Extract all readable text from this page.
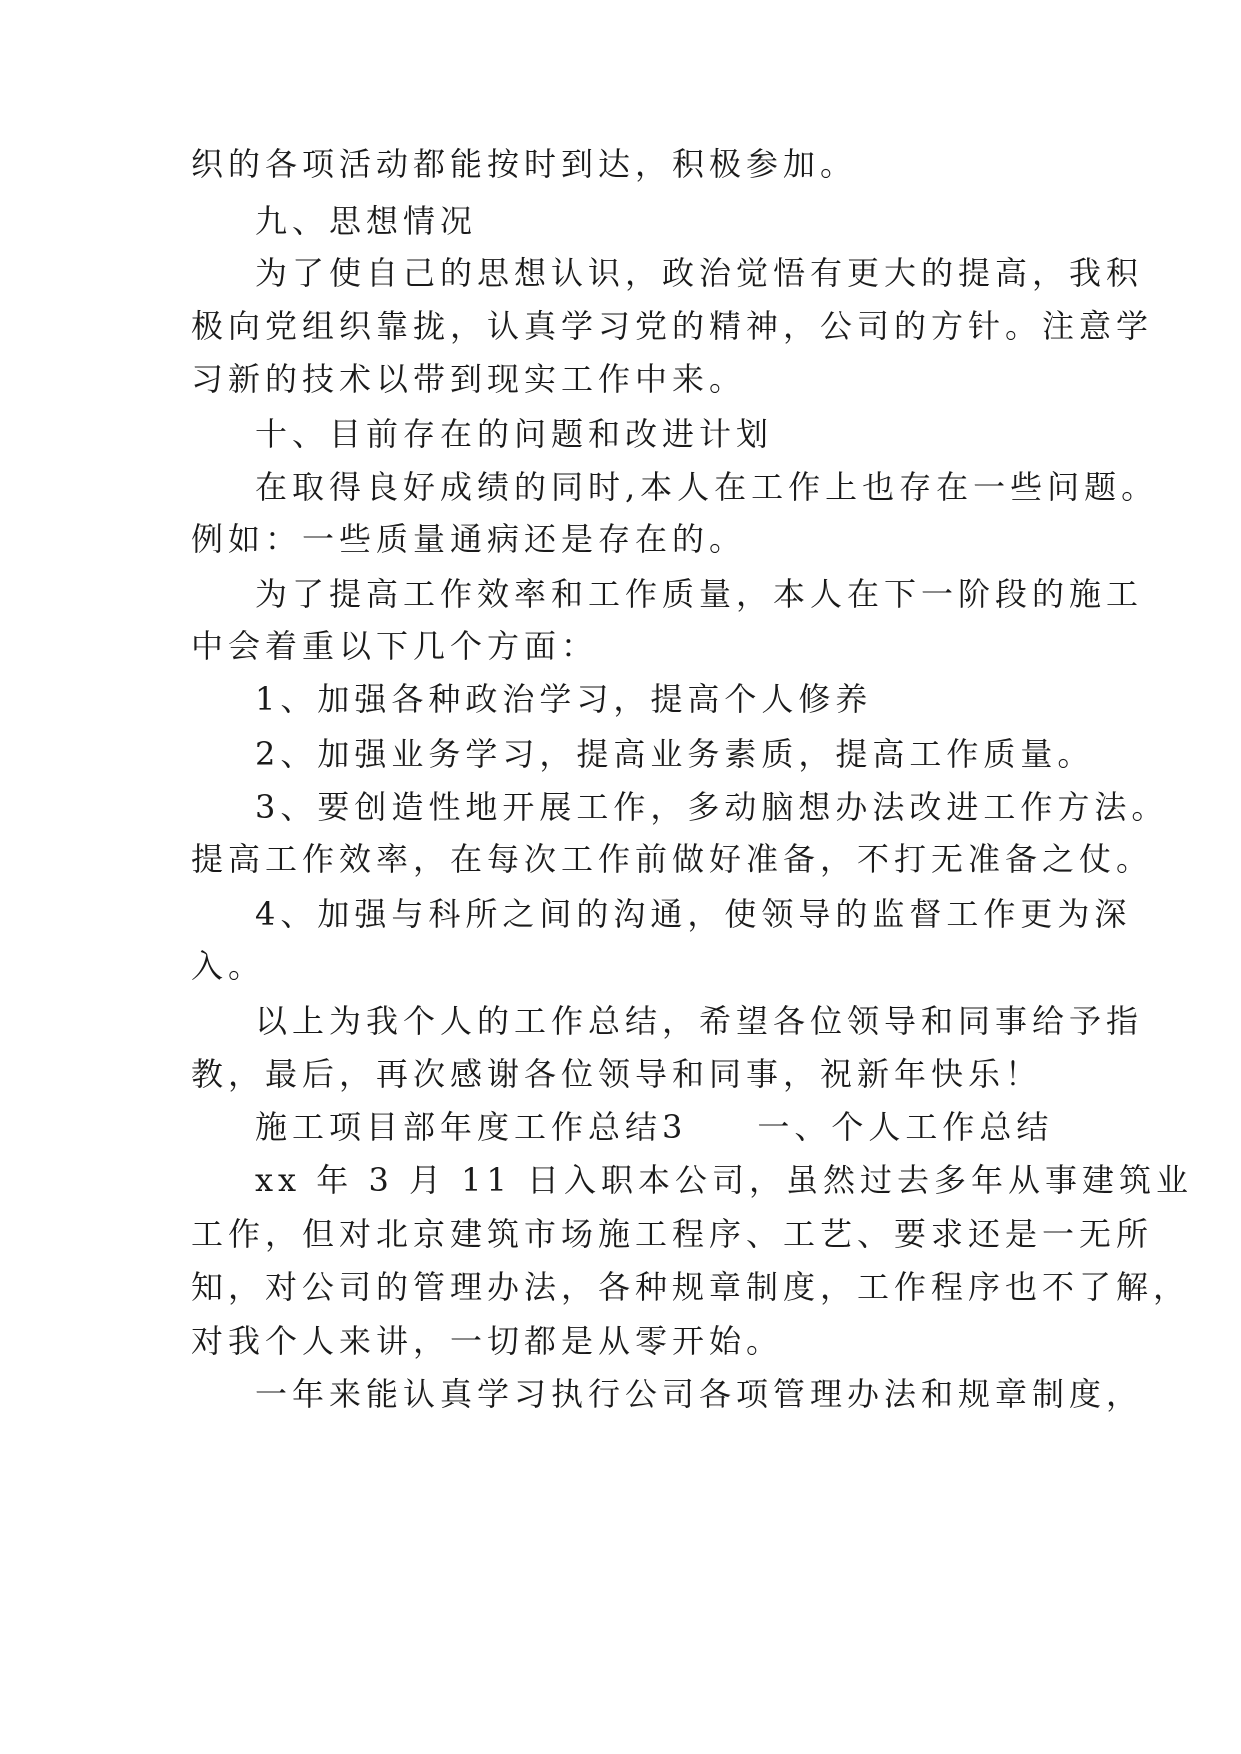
织的各项活动都能按时到达，积极参加。
九、思想情况
为了使自己的思想认识，政治觉悟有更大的提高，我积
极向党组织靠拢，认真学习党的精神，公司的方针。注意学
习新的技术以带到现实工作中来。
十、目前存在的问题和改进计划
在取得良好成绩的同时,本人在工作上也存在一些问题。
例如：一些质量通病还是存在的。
为了提高工作效率和工作质量，本人在下一阶段的施工
中会着重以下几个方面：
1、加强各种政治学习，提高个人修养
2、加强业务学习，提高业务素质，提高工作质量。
3、要创造性地开展工作，多动脑想办法改进工作方法。
提高工作效率，在每次工作前做好准备，不打无准备之仗。
4、加强与科所之间的沟通，使领导的监督工作更为深
入。
以上为我个人的工作总结，希望各位领导和同事给予指
教，最后，再次感谢各位领导和同事，祝新年快乐！
施工项目部年度工作总结3 一、个人工作总结
xx 年 3 月 11 日入职本公司，虽然过去多年从事建筑业
工作，但对北京建筑市场施工程序、工艺、要求还是一无所
知，对公司的管理办法，各种规章制度，工作程序也不了解，
对我个人来讲，一切都是从零开始。
一年来能认真学习执行公司各项管理办法和规章制度，
